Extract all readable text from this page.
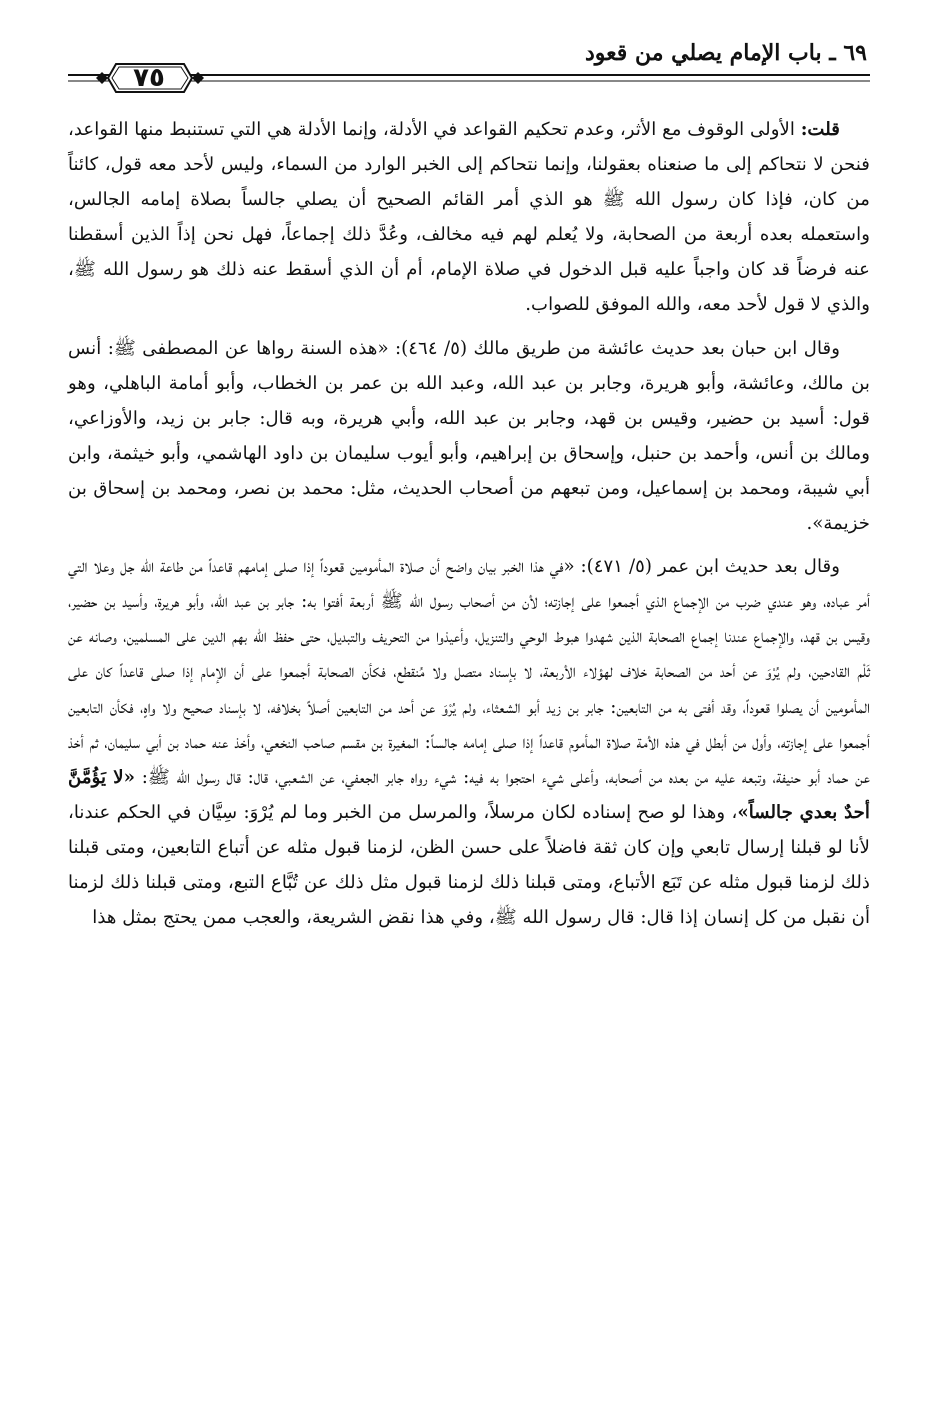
٦٩ ـ باب الإمام يصلي من قعود
٧٥

قلت: الأولى الوقوف مع الأثر، وعدم تحكيم القواعد في الأدلة، وإنما الأدلة هي التي تستنبط منها القواعد، فنحن لا نتحاكم إلى ما صنعناه بعقولنا، وإنما نتحاكم إلى الخبر الوارد من السماء، وليس لأحد معه قول، كائناً من كان، فإذا كان رسول الله ﷺ هو الذي أمر القائم الصحيح أن يصلي جالساً بصلاة إمامه الجالس، واستعمله بعده أربعة من الصحابة، ولا يُعلم لهم فيه مخالف، وعُدَّ ذلك إجماعاً، فهل نحن إذاً الذين أسقطنا عنه فرضاً قد كان واجباً عليه قبل الدخول في صلاة الإمام، أم أن الذي أسقط عنه ذلك هو رسول الله ﷺ، والذي لا قول لأحد معه، والله الموفق للصواب.

وقال ابن حبان بعد حديث عائشة من طريق مالك (٥/ ٤٦٤): «هذه السنة رواها عن المصطفى ﷺ: أنس بن مالك، وعائشة، وأبو هريرة، وجابر بن عبد الله، وعبد الله بن عمر بن الخطاب، وأبو أمامة الباهلي، وهو قول: أسيد بن حضير، وقيس بن قهد، وجابر بن عبد الله، وأبي هريرة، وبه قال: جابر بن زيد، والأوزاعي، ومالك بن أنس، وأحمد بن حنبل، وإسحاق بن إبراهيم، وأبو أيوب سليمان بن داود الهاشمي، وأبو خيثمة، وابن أبي شيبة، ومحمد بن إسماعيل، ومن تبعهم من أصحاب الحديث، مثل: محمد بن نصر، ومحمد بن إسحاق بن خزيمة».

وقال بعد حديث ابن عمر (٥/ ٤٧١): «في هذا الخبر بيان واضح أن صلاة المأمومين قعوداً إذا صلى إمامهم قاعداً من طاعة الله جل وعلا التي أمر عباده، وهو عندي ضرب من الإجماع الذي أجمعوا على إجازته؛ لأن من أصحاب رسول الله ﷺ أربعة أفتوا به: جابر بن عبد الله، وأبو هريرة، وأسيد بن حضير، وقيس بن قهد، والإجماع عندنا إجماع الصحابة الذين شهدوا هبوط الوحي والتنزيل، وأعيذوا من التحريف والتبديل، حتى حفظ الله بهم الدين على المسلمين، وصانه عن ثَلْم القادحين، ولم يُرْوَ عن أحد من الصحابة خلاف لهؤلاء الأربعة، لا بإسناد متصل ولا مُنقطع، فكأن الصحابة أجمعوا على أن الإمام إذا صلى قاعداً كان على المأمومين أن يصلوا قعوداً، وقد أفتى به من التابعين: جابر بن زيد أبو الشعثاء، ولم يُرْوَ عن أحد من التابعين أصلاً بخلافه، لا بإسناد صحيح ولا واهٍ، فكأن التابعين أجمعوا على إجازته، وأول من أبطل في هذه الأمة صلاة المأموم قاعداً إذا صلى إمامه جالساً: المغيرة بن مقسم صاحب النخعي، وأخذ عنه حماد بن أبي سليمان، ثم أخذ عن حماد أبو حنيفة، وتبعه عليه من بعده من أصحابه، وأعلى شيء احتجوا به فيه: شيء رواه جابر الجعفي، عن الشعبي، قال: قال رسول الله ﷺ: «لا يَؤُمَّنَّ أحدٌ بعدي جالساً»، وهذا لو صح إسناده لكان مرسلاً، والمرسل من الخبر وما لم يُرْوَ: سِيَّان في الحكم عندنا، لأنا لو قبلنا إرسال تابعي وإن كان ثقة فاضلاً على حسن الظن، لزمنا قبول مثله عن أتباع التابعين، ومتى قبلنا ذلك لزمنا قبول مثله عن تَبَع الأتباع، ومتى قبلنا ذلك لزمنا قبول مثل ذلك عن تُبَّاع التبع، ومتى قبلنا ذلك لزمنا أن نقبل من كل إنسان إذا قال: قال رسول الله ﷺ، وفي هذا نقض الشريعة، والعجب ممن يحتج بمثل هذا
